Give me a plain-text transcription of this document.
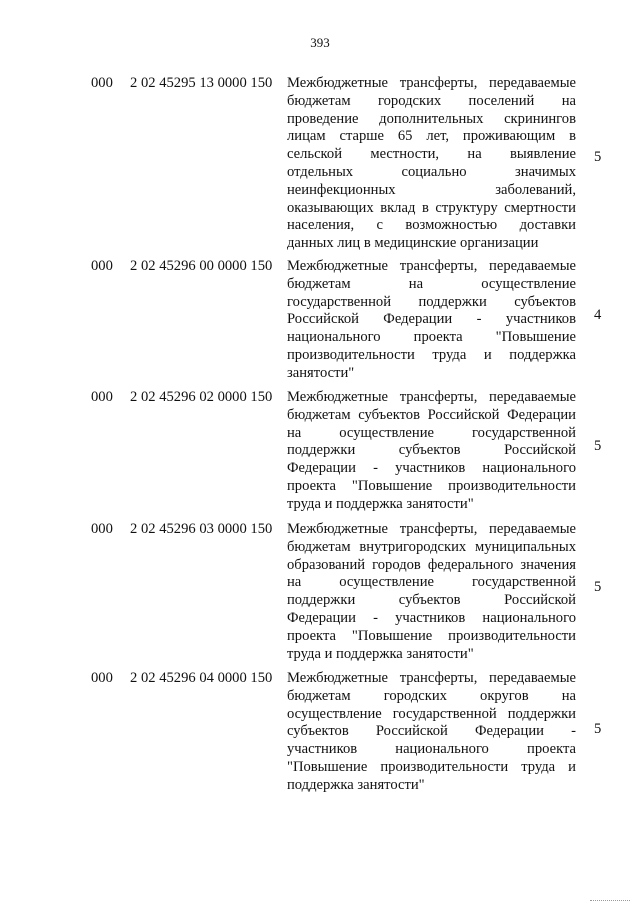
393
000	2 02 45295 13 0000 150	Межбюджетные трансферты, передаваемые
бюджетам городских поселений на
проведение дополнительных скринингов
лицам старше 65 лет, проживающим в
сельской местности, на выявление
отдельных социально значимых
неинфекционных заболеваний,
оказывающих вклад в структуру смертности
населения, с возможностью доставки
данных лиц в медицинские организации
5
000	2 02 45296 00 0000 150	Межбюджетные трансферты, передаваемые
бюджетам на осуществление
государственной поддержки субъектов
Российской Федерации - участников
национального проекта "Повышение
производительности труда и поддержка
занятости"
4
000	2 02 45296 02 0000 150	Межбюджетные трансферты, передаваемые
бюджетам субъектов Российской Федерации
на осуществление государственной
поддержки субъектов Российской
Федерации - участников национального
проекта "Повышение производительности
труда и поддержка занятости"
5
000	2 02 45296 03 0000 150	Межбюджетные трансферты, передаваемые
бюджетам внутригородских муниципальных
образований городов федерального значения
на осуществление государственной
поддержки субъектов Российской
Федерации - участников национального
проекта "Повышение производительности
труда и поддержка занятости"
5
000	2 02 45296 04 0000 150	Межбюджетные трансферты, передаваемые
бюджетам городских округов на
осуществление государственной поддержки
субъектов Российской Федерации -
участников национального проекта
"Повышение производительности труда и
поддержка занятости"
5
